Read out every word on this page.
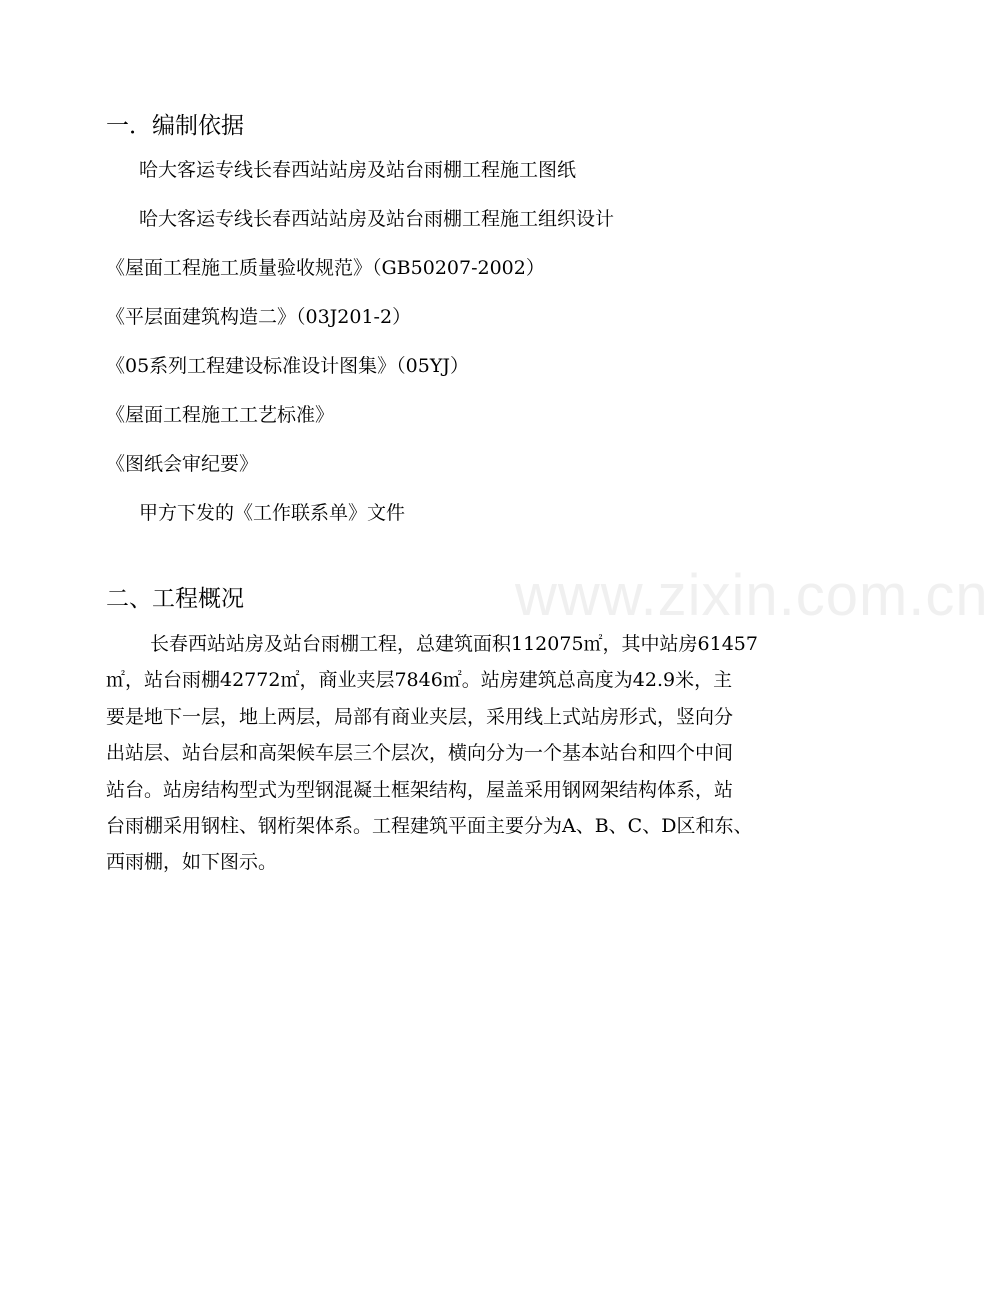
www.zixin.com.cn
一．编制依据
哈大客运专线长春西站站房及站台雨棚工程施工图纸
哈大客运专线长春西站站房及站台雨棚工程施工组织设计
《屋面工程施工质量验收规范》（GB50207-2002）
《平层面建筑构造二》（03J201-2）
《05系列工程建设标准设计图集》（05YJ）
《屋面工程施工工艺标准》
《图纸会审纪要》
甲方下发的《工作联系单》文件
二、工程概况
长春西站站房及站台雨棚工程，总建筑面积112075㎡，其中站房61457
㎡，站台雨棚42772㎡，商业夹层7846㎡。站房建筑总高度为42.9米，主
要是地下一层，地上两层，局部有商业夹层，采用线上式站房形式，竖向分
出站层、站台层和高架候车层三个层次，横向分为一个基本站台和四个中间
站台。站房结构型式为型钢混凝土框架结构，屋盖采用钢网架结构体系，站
台雨棚采用钢柱、钢桁架体系。工程建筑平面主要分为A、B、C、D区和东、
西雨棚，如下图示。
